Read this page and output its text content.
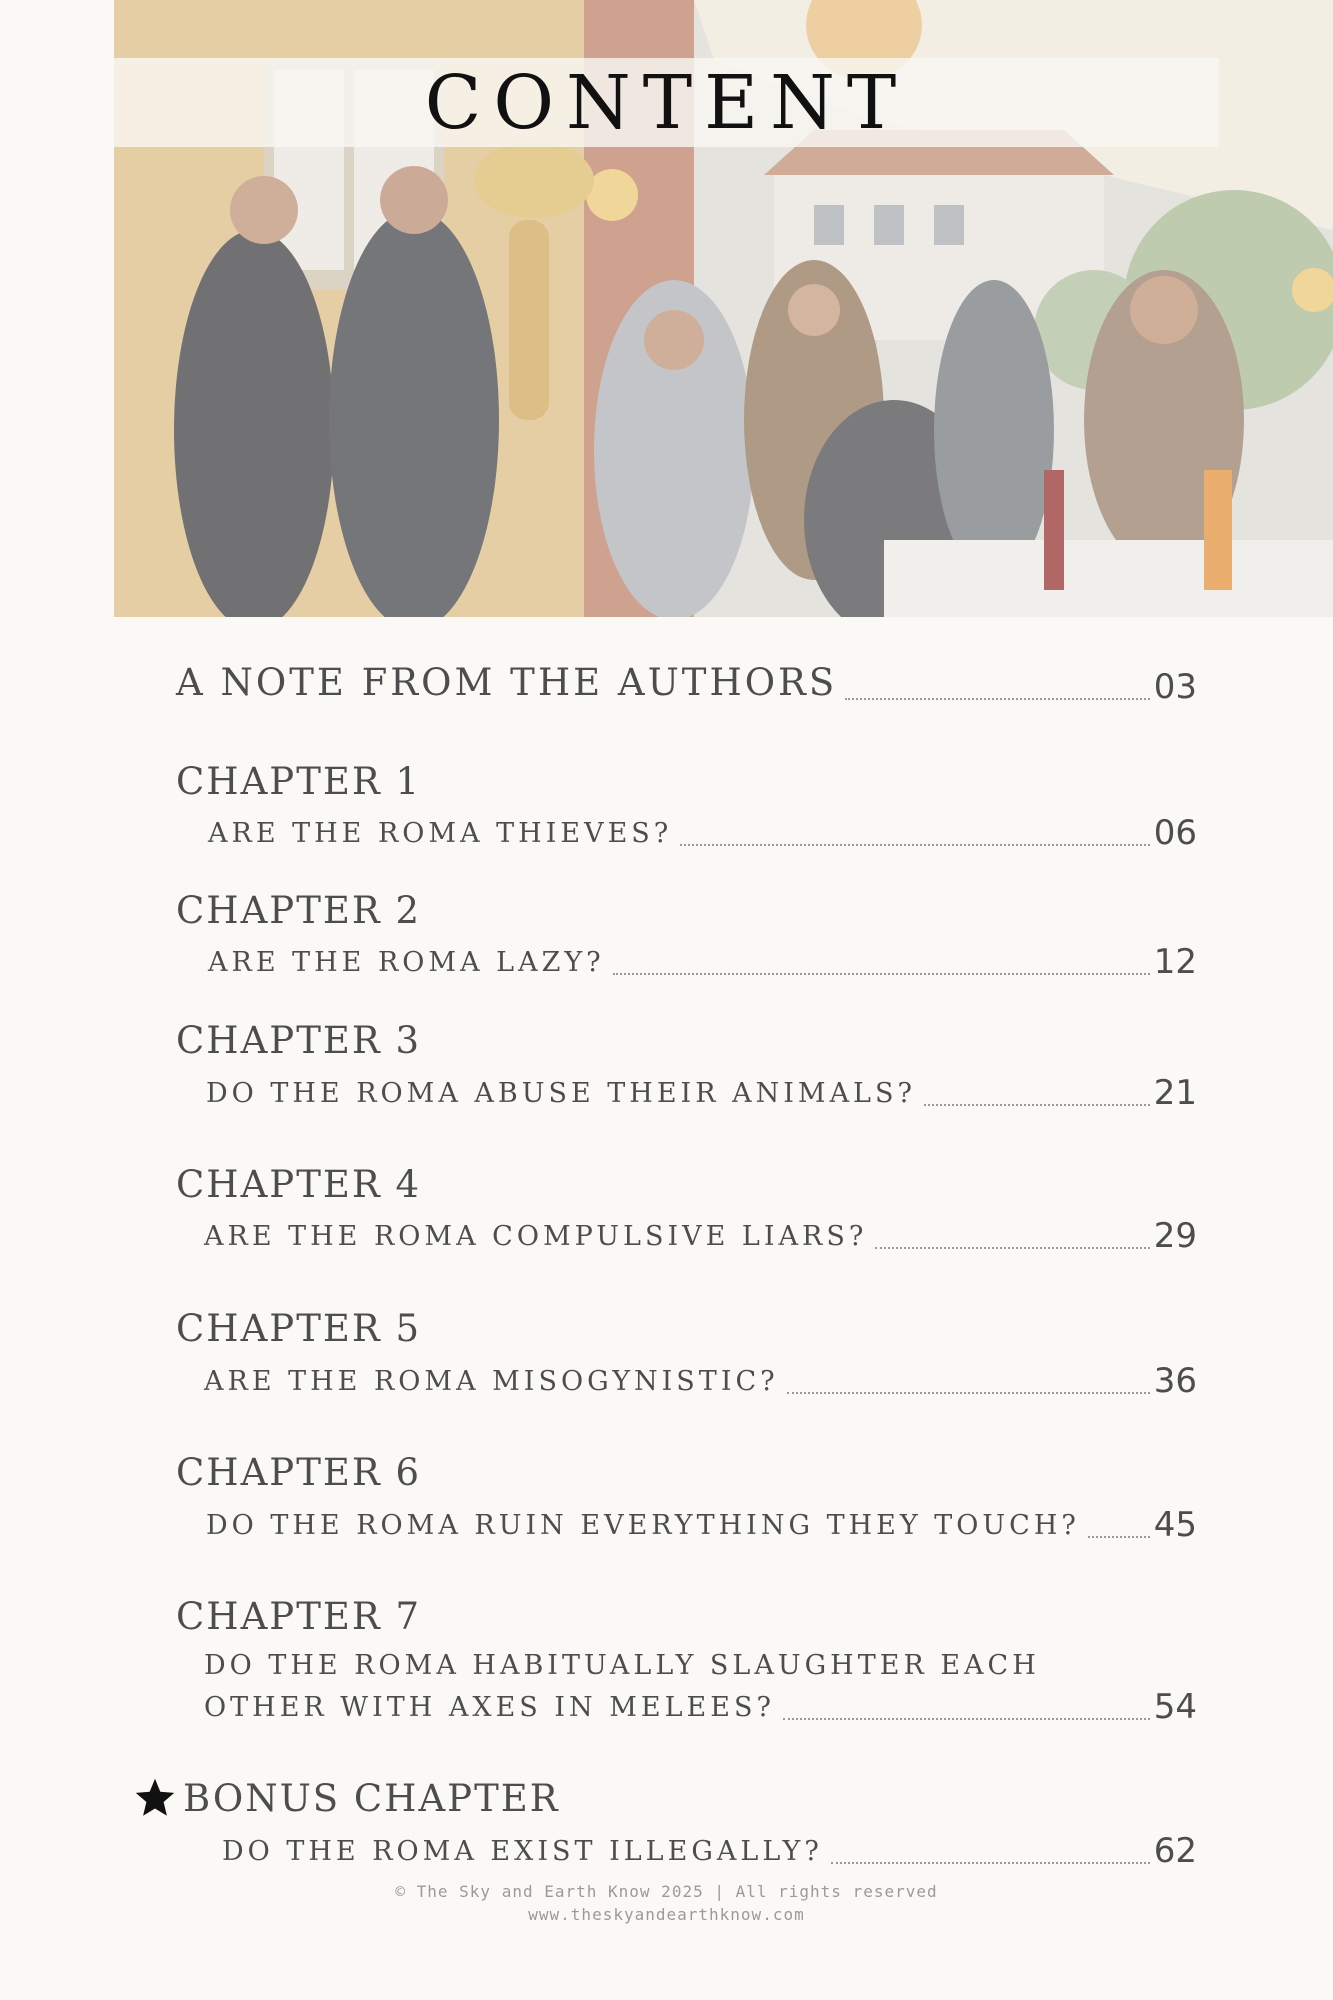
CONTENT
A NOTE FROM THE AUTHORS	03
CHAPTER 1
ARE THE ROMA THIEVES?	06
CHAPTER 2
ARE THE ROMA LAZY?	12
CHAPTER 3
DO THE ROMA ABUSE THEIR ANIMALS?	21
CHAPTER 4
ARE THE ROMA COMPULSIVE LIARS?	29
CHAPTER 5
ARE THE ROMA MISOGYNISTIC?	36
CHAPTER 6
DO THE ROMA RUIN EVERYTHING THEY TOUCH? 45
CHAPTER 7
DO THE ROMA HABITUALLY SLAUGHTER EACH
OTHER WITH AXES IN MELEES?	54
BONUS CHAPTER
DO THE ROMA EXIST ILLEGALLY?	62
© The Sky and Earth Know 2025 | All rights reserved
www.theskyandearthknow.com
